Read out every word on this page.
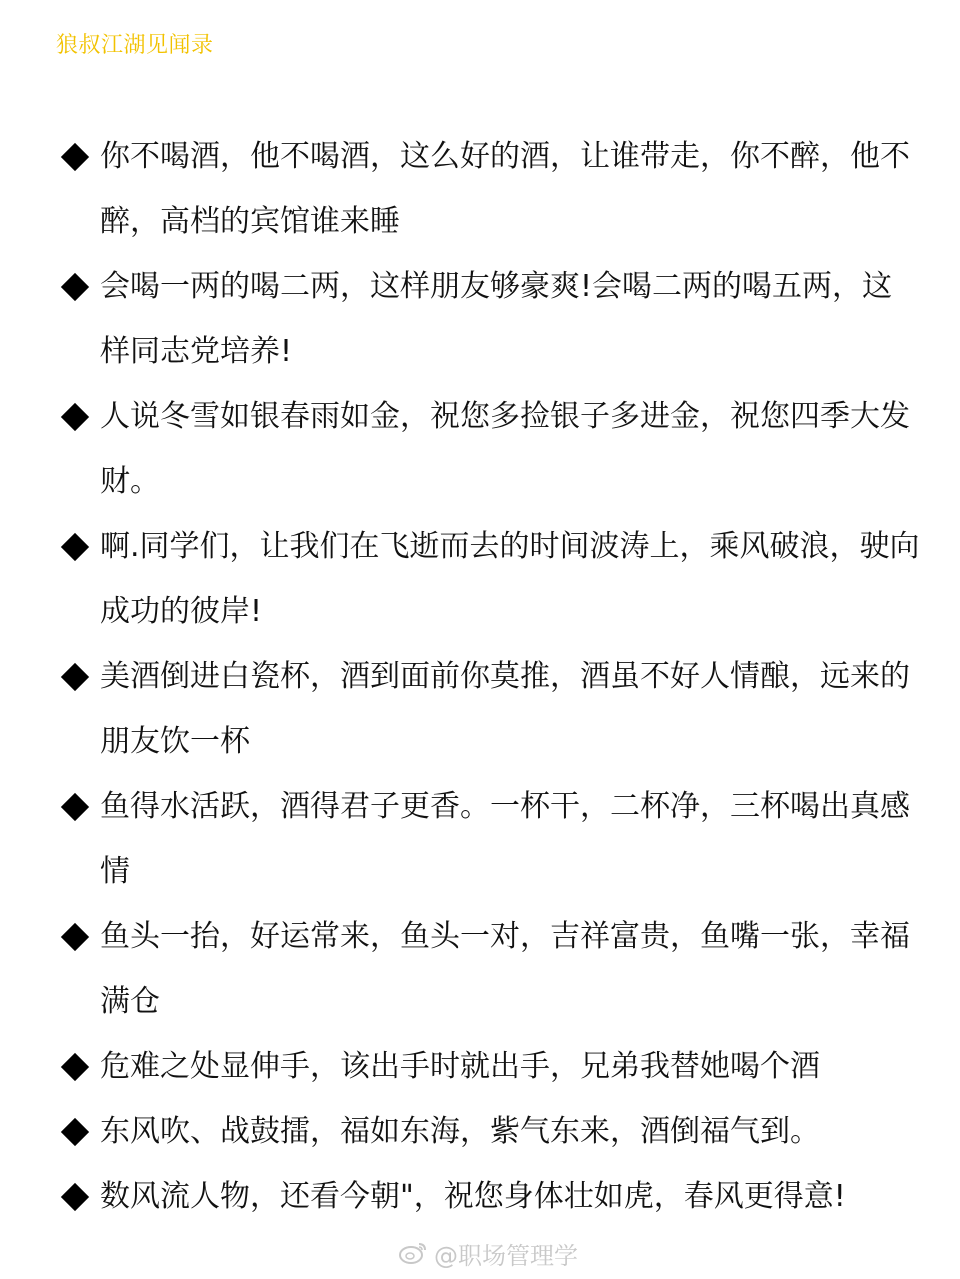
狼叔江湖见闻录
你不喝酒，他不喝酒，这么好的酒，让谁带走，你不醉，他不醉，高档的宾馆谁来睡
会喝一两的喝二两，这样朋友够豪爽!会喝二两的喝五两，这样同志党培养!
人说冬雪如银春雨如金，祝您多捡银子多进金，祝您四季大发财。
啊.同学们，让我们在飞逝而去的时间波涛上，乘风破浪，驶向成功的彼岸!
美酒倒进白瓷杯，酒到面前你莫推，酒虽不好人情酿，远来的朋友饮一杯
鱼得水活跃，酒得君子更香。一杯干，二杯净，三杯喝出真感情
鱼头一抬，好运常来，鱼头一对，吉祥富贵，鱼嘴一张，幸福满仓
危难之处显伸手，该出手时就出手，兄弟我替她喝个酒
东风吹、战鼓擂，福如东海，紫气东来，酒倒福气到。
数风流人物，还看今朝"，祝您身体壮如虎，春风更得意!
@职场管理学
